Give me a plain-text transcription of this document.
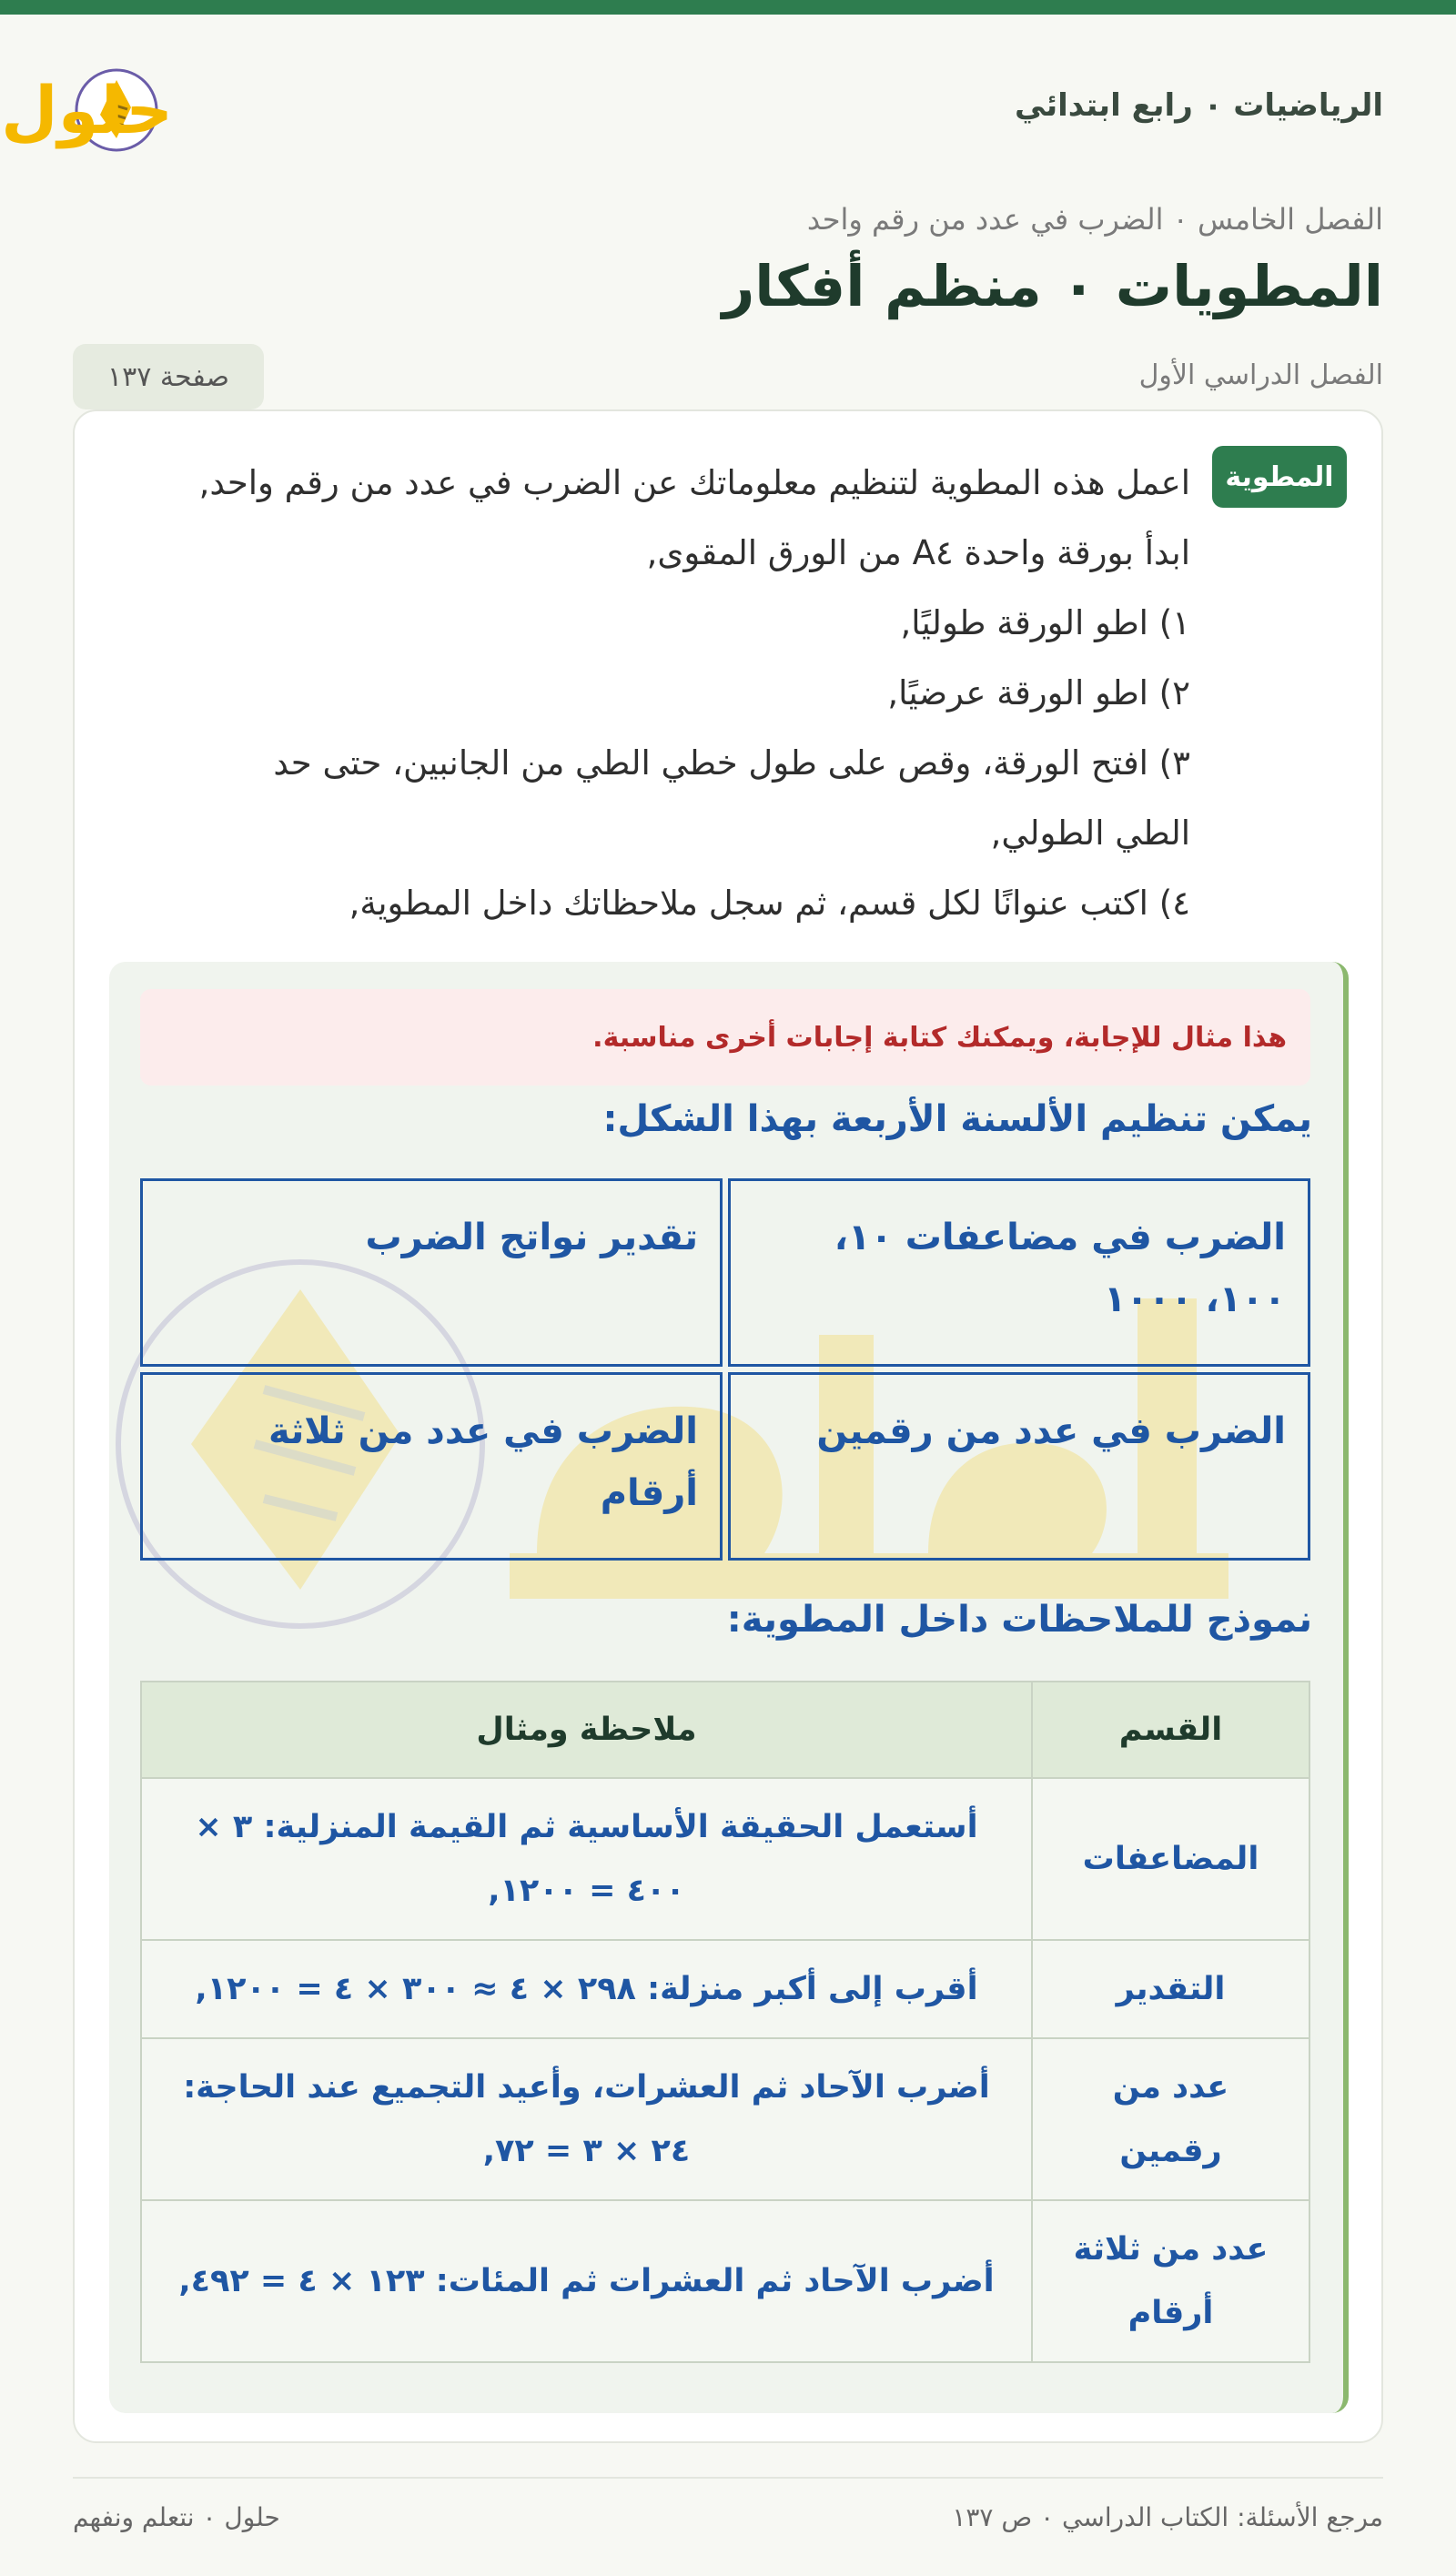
الرياضيات ٠ رابع ابتدائي
حلول
الفصل الخامس ٠ الضرب في عدد من رقم واحد
المطويات ٠ منظم أفكار
الفصل الدراسي الأول
صفحة ١٣٧
المطوية

اعمل هذه المطوية لتنظيم معلوماتك عن الضرب في عدد من رقم واحد,

ابدأ بورقة واحدة A٤ من الورق المقوى,

١) اطو الورقة طوليًا,

٢) اطو الورقة عرضيًا,

٣) افتح الورقة، وقص على طول خطي الطي من الجانبين، حتى حد

الطي الطولي,

٤) اكتب عنوانًا لكل قسم، ثم سجل ملاحظاتك داخل المطوية,

هذا مثال للإجابة، ويمكنك كتابة إجابات أخرى مناسبة.
يمكن تنظيم الألسنة الأربعة بهذا الشكل:
الضرب في مضاعفات ١٠، ١٠٠، ١٠٠٠
تقدير نواتج الضرب
الضرب في عدد من رقمين
الضرب في عدد من ثلاثة أرقام
نموذج للملاحظات داخل المطوية:
القسم	ملاحظة ومثال
المضاعفات	أستعمل الحقيقة الأساسية ثم القيمة المنزلية: ٣ × ٤٠٠ = ١٢٠٠,
التقدير	أقرب إلى أكبر منزلة: ٢٩٨ × ٤ ≈ ٣٠٠ × ٤ = ١٢٠٠,
عدد من رقمين	أضرب الآحاد ثم العشرات، وأعيد التجميع عند الحاجة: ٢٤ × ٣ = ٧٢,
عدد من ثلاثة أرقام	أضرب الآحاد ثم العشرات ثم المئات: ١٢٣ × ٤ = ٤٩٢,
مرجع الأسئلة: الكتاب الدراسي ٠ ص ١٣٧
حلول ٠ نتعلم ونفهم
